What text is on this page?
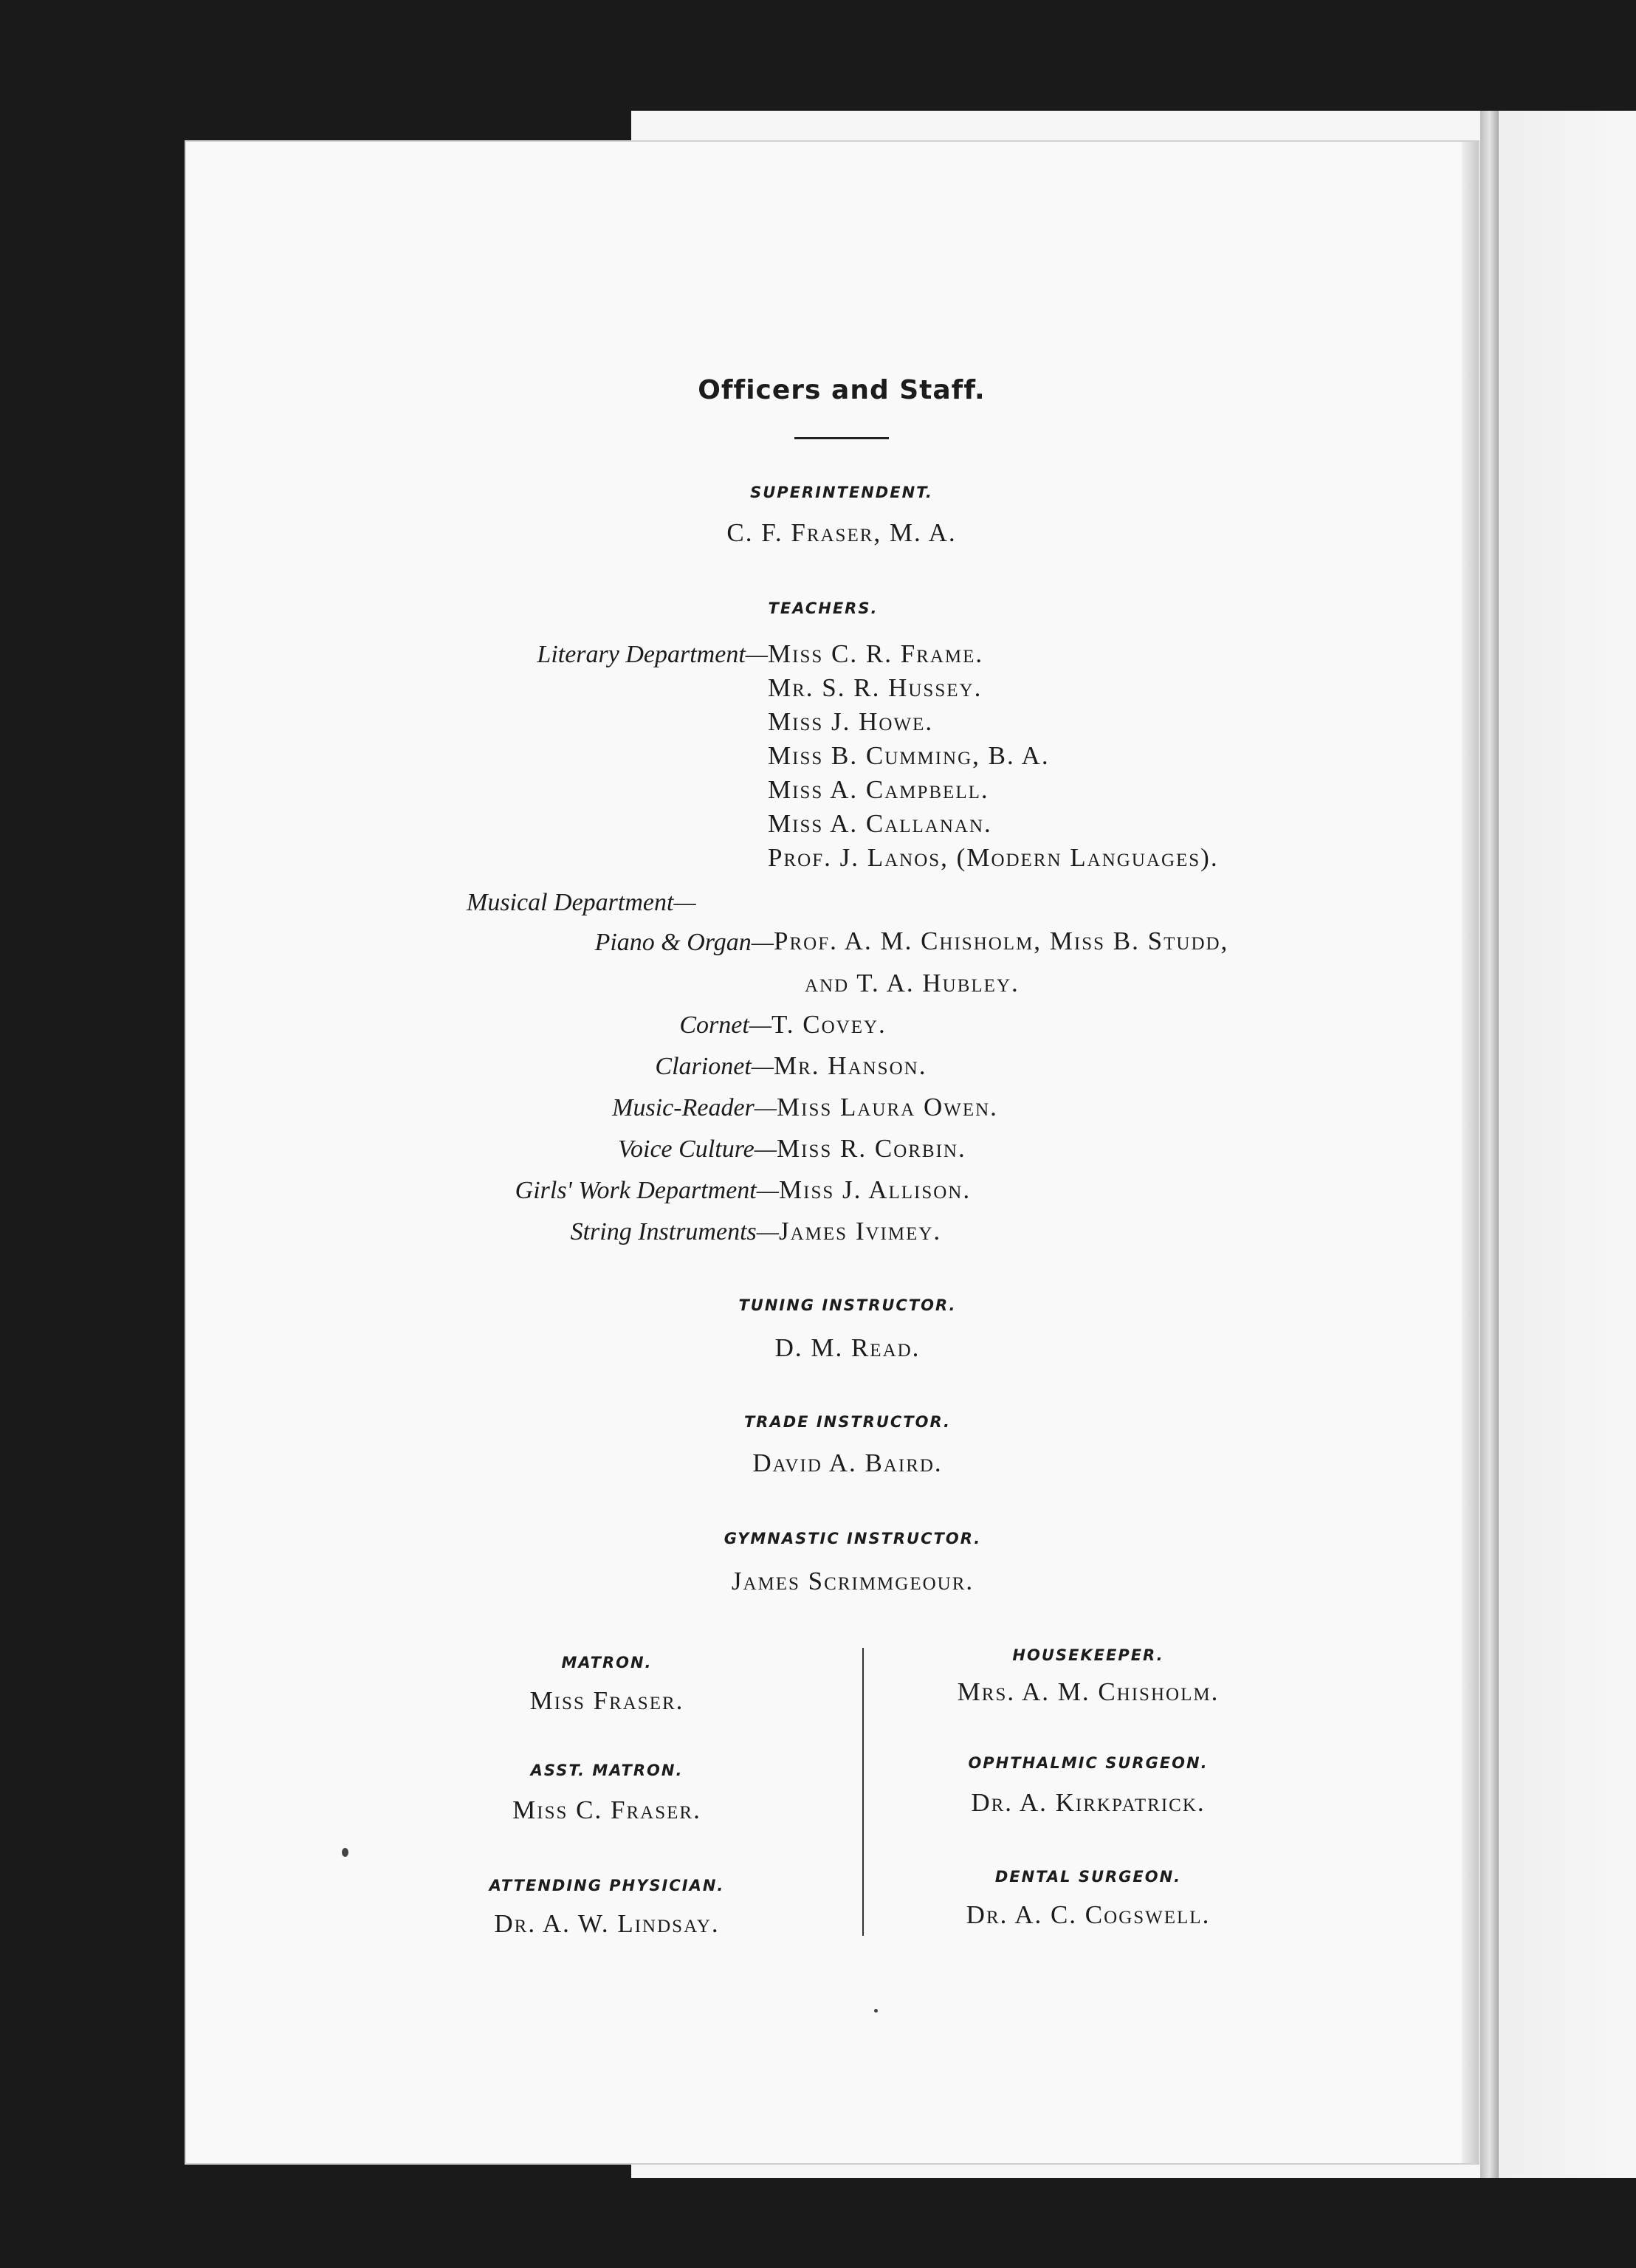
Officers and Staff.
SUPERINTENDENT.
C. F. Fraser, M. A.
TEACHERS.
Literary Department— Miss C. R. Frame.
Mr. S. R. Hussey.
Miss J. Howe.
Miss B. Cumming, B. A.
Miss A. Campbell.
Miss A. Callanan.
Prof. J. Lanos, (Modern Languages).
Musical Department—
Piano & Organ— Prof. A. M. Chisholm, Miss B. Studd,
and T. A. Hubley.
Cornet— T. Covey.
Clarionet— Mr. Hanson.
Music-Reader— Miss Laura Owen.
Voice Culture— Miss R. Corbin.
Girls' Work Department— Miss J. Allison.
String Instruments— James Ivimey.
TUNING INSTRUCTOR.
D. M. Read.
TRADE INSTRUCTOR.
David A. Baird.
GYMNASTIC INSTRUCTOR.
James Scrimmgeour.
MATRON.
Miss Fraser.
ASST. MATRON.
Miss C. Fraser.
ATTENDING PHYSICIAN.
Dr. A. W. Lindsay.
HOUSEKEEPER.
Mrs. A. M. Chisholm.
OPHTHALMIC SURGEON.
Dr. A. Kirkpatrick.
DENTAL SURGEON.
Dr. A. C. Cogswell.
